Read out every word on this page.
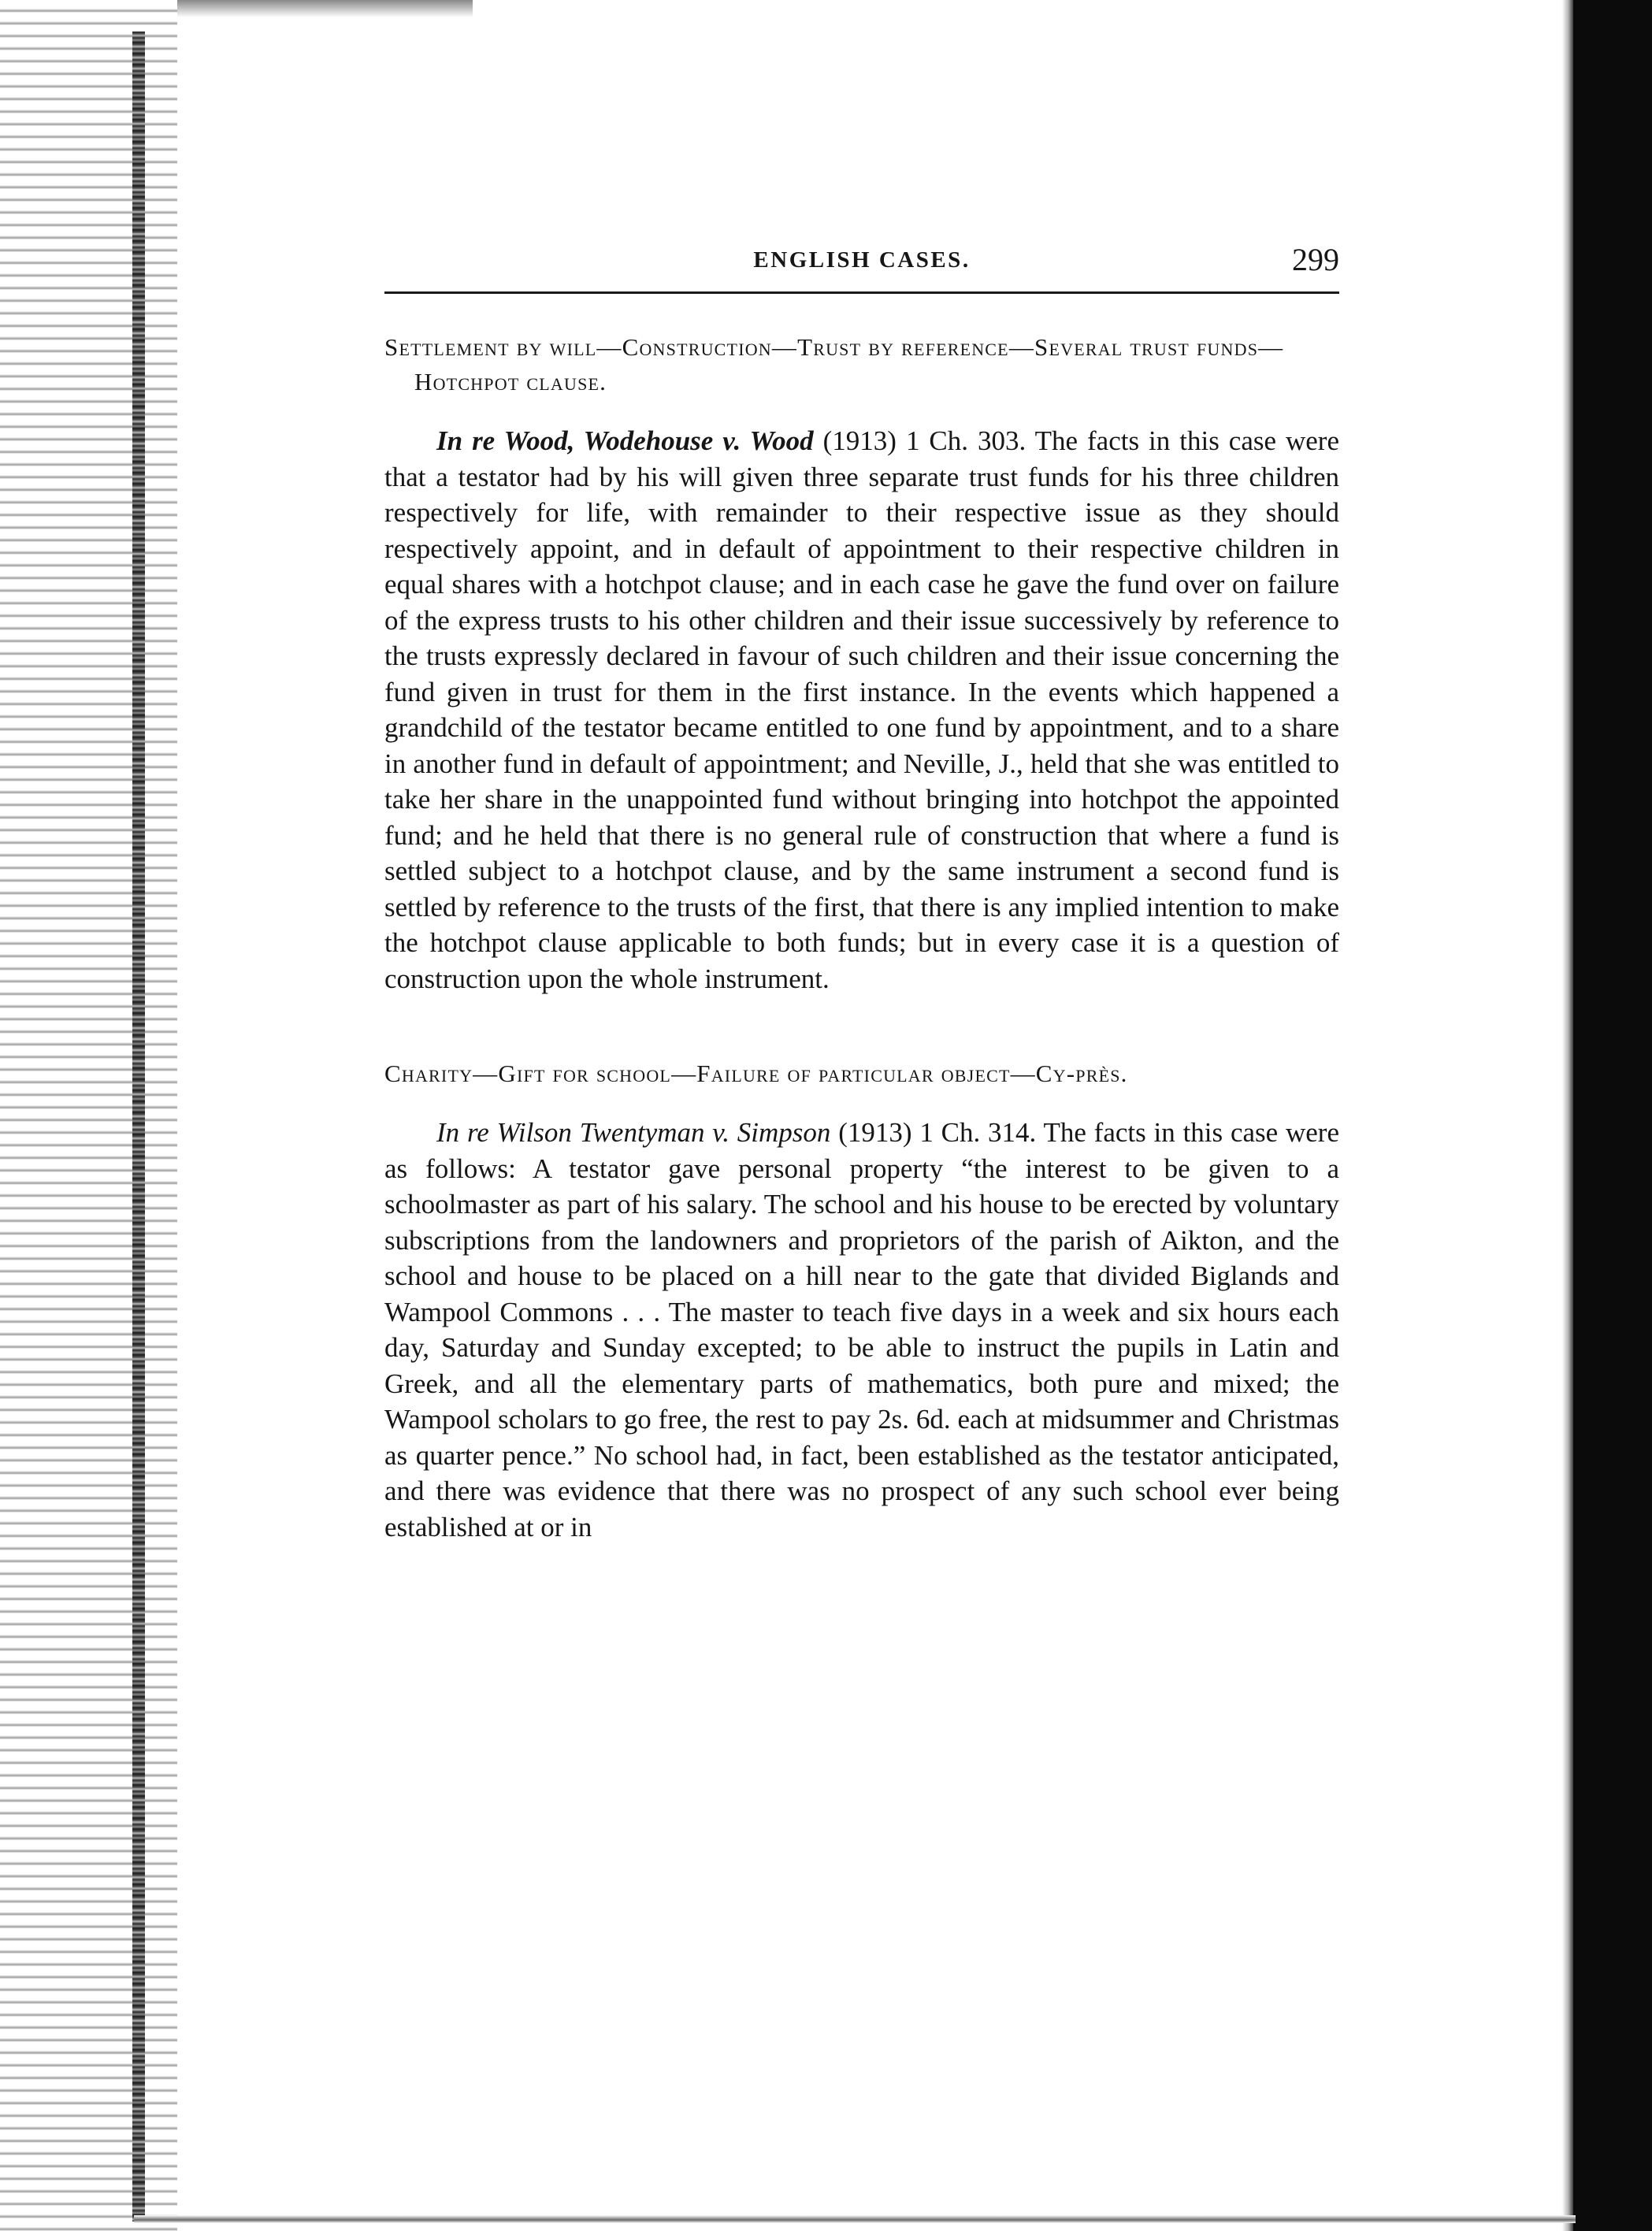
ENGLISH CASES.	299

Settlement by will—Construction—Trust by reference—Several trust funds—Hotchpot clause.

In re Wood, Wodehouse v. Wood (1913) 1 Ch. 303. The facts in this case were that a testator had by his will given three separate trust funds for his three children respectively for life, with remainder to their respective issue as they should respectively appoint, and in default of appointment to their respective children in equal shares with a hotchpot clause; and in each case he gave the fund over on failure of the express trusts to his other children and their issue successively by reference to the trusts expressly declared in favour of such children and their issue concerning the fund given in trust for them in the first instance. In the events which happened a grandchild of the testator became entitled to one fund by appointment, and to a share in another fund in default of appointment; and Neville, J., held that she was entitled to take her share in the unappointed fund without bringing into hotchpot the appointed fund; and he held that there is no general rule of construction that where a fund is settled subject to a hotchpot clause, and by the same instrument a second fund is settled by reference to the trusts of the first, that there is any implied intention to make the hotchpot clause applicable to both funds; but in every case it is a question of construction upon the whole instrument.

Charity—Gift for school—Failure of particular object—Cy-près.

In re Wilson Twentyman v. Simpson (1913) 1 Ch. 314. The facts in this case were as follows: A testator gave personal property “the interest to be given to a schoolmaster as part of his salary. The school and his house to be erected by voluntary subscriptions from the landowners and proprietors of the parish of Aikton, and the school and house to be placed on a hill near to the gate that divided Biglands and Wampool Commons . . . The master to teach five days in a week and six hours each day, Saturday and Sunday excepted; to be able to instruct the pupils in Latin and Greek, and all the elementary parts of mathematics, both pure and mixed; the Wampool scholars to go free, the rest to pay 2s. 6d. each at midsummer and Christmas as quarter pence.” No school had, in fact, been established as the testator anticipated, and there was evidence that there was no prospect of any such school ever being established at or in
